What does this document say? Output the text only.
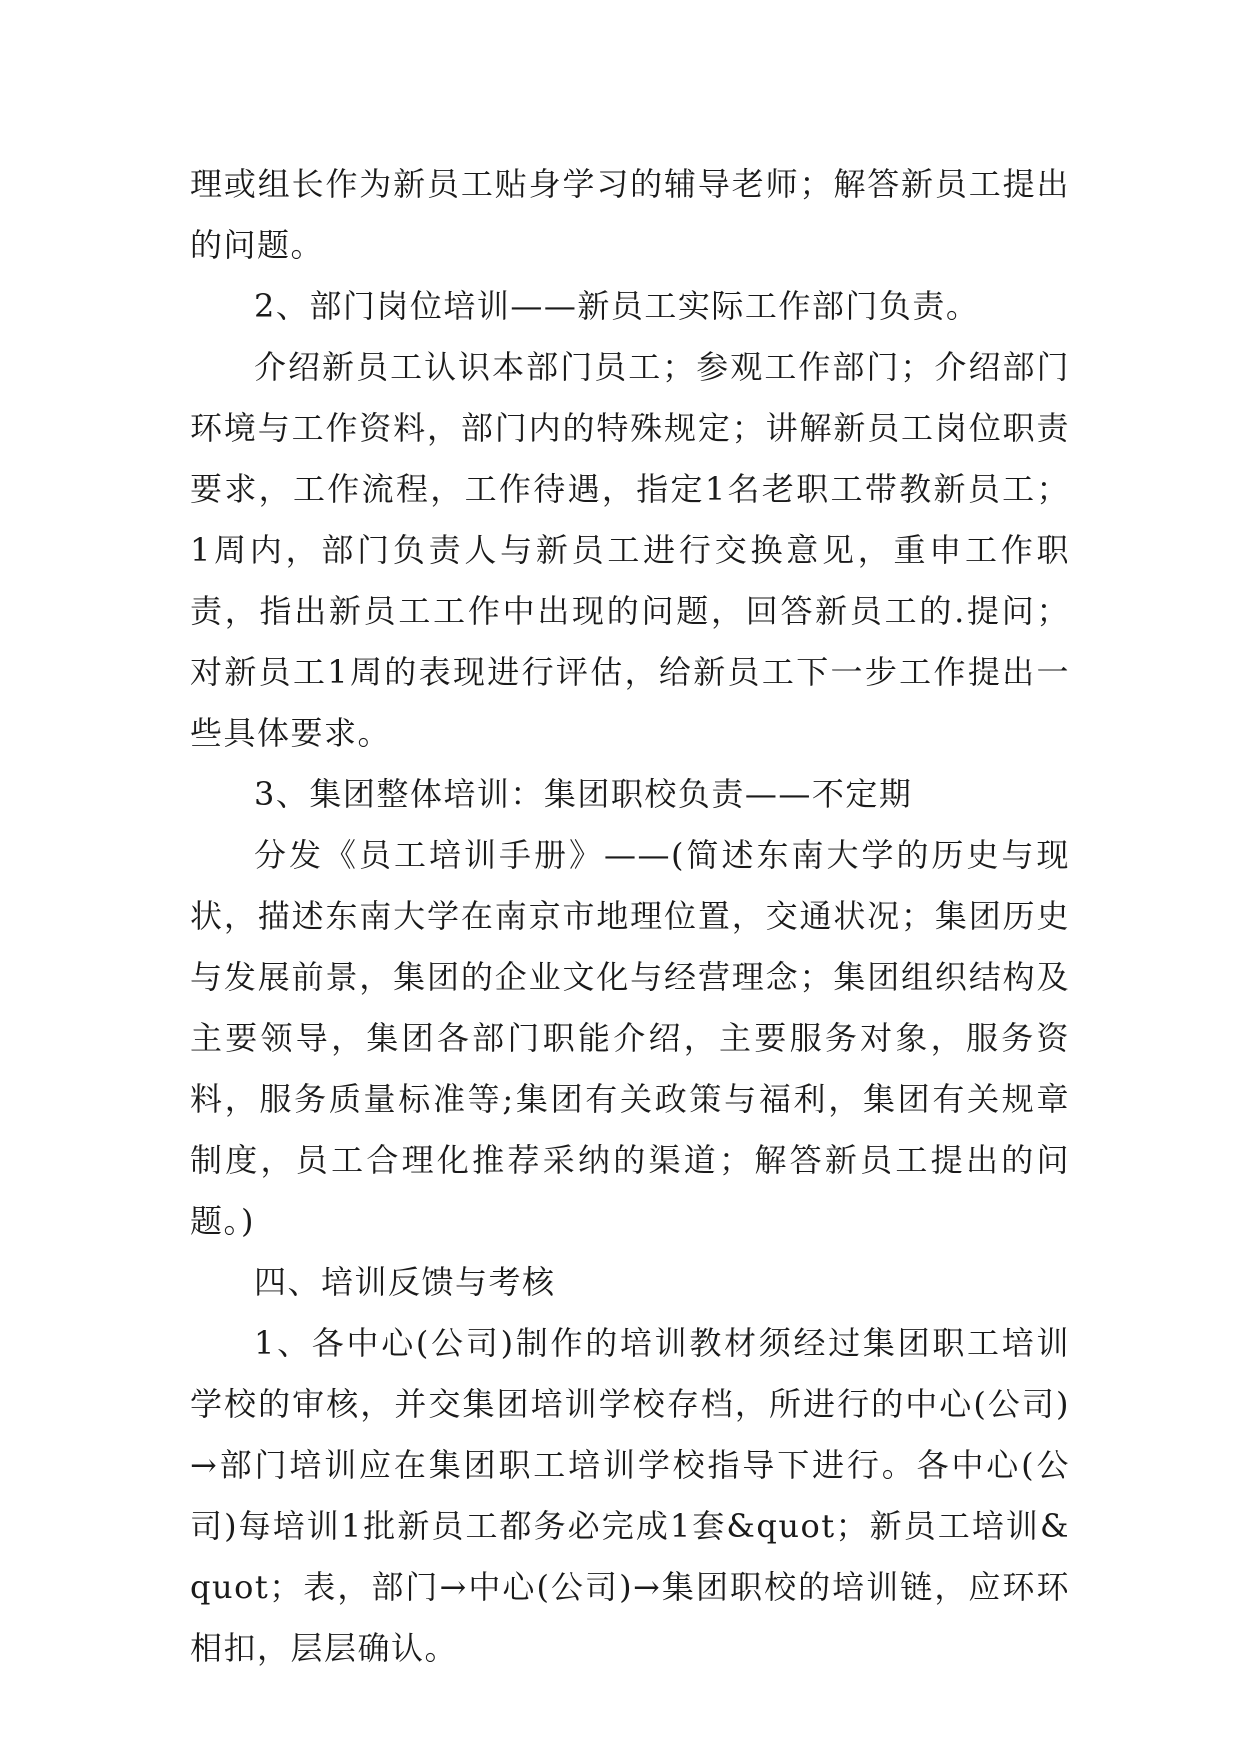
理或组长作为新员工贴身学习的辅导老师；解答新员工提出的问题。

2、部门岗位培训——新员工实际工作部门负责。

介绍新员工认识本部门员工；参观工作部门；介绍部门环境与工作资料，部门内的特殊规定；讲解新员工岗位职责要求，工作流程，工作待遇，指定1名老职工带教新员工；1周内，部门负责人与新员工进行交换意见，重申工作职责，指出新员工工作中出现的问题，回答新员工的.提问；对新员工1周的表现进行评估，给新员工下一步工作提出一些具体要求。

3、集团整体培训：集团职校负责——不定期

分发《员工培训手册》——(简述东南大学的历史与现状，描述东南大学在南京市地理位置，交通状况；集团历史与发展前景，集团的企业文化与经营理念；集团组织结构及主要领导，集团各部门职能介绍，主要服务对象，服务资料，服务质量标准等;集团有关政策与福利，集团有关规章制度，员工合理化推荐采纳的渠道；解答新员工提出的问题。)

四、培训反馈与考核

1、各中心(公司)制作的培训教材须经过集团职工培训学校的审核，并交集团培训学校存档，所进行的中心(公司)→部门培训应在集团职工培训学校指导下进行。各中心(公司)每培训1批新员工都务必完成1套&quot；新员工培训&quot；表，部门→中心(公司)→集团职校的培训链，应环环相扣，层层确认。
